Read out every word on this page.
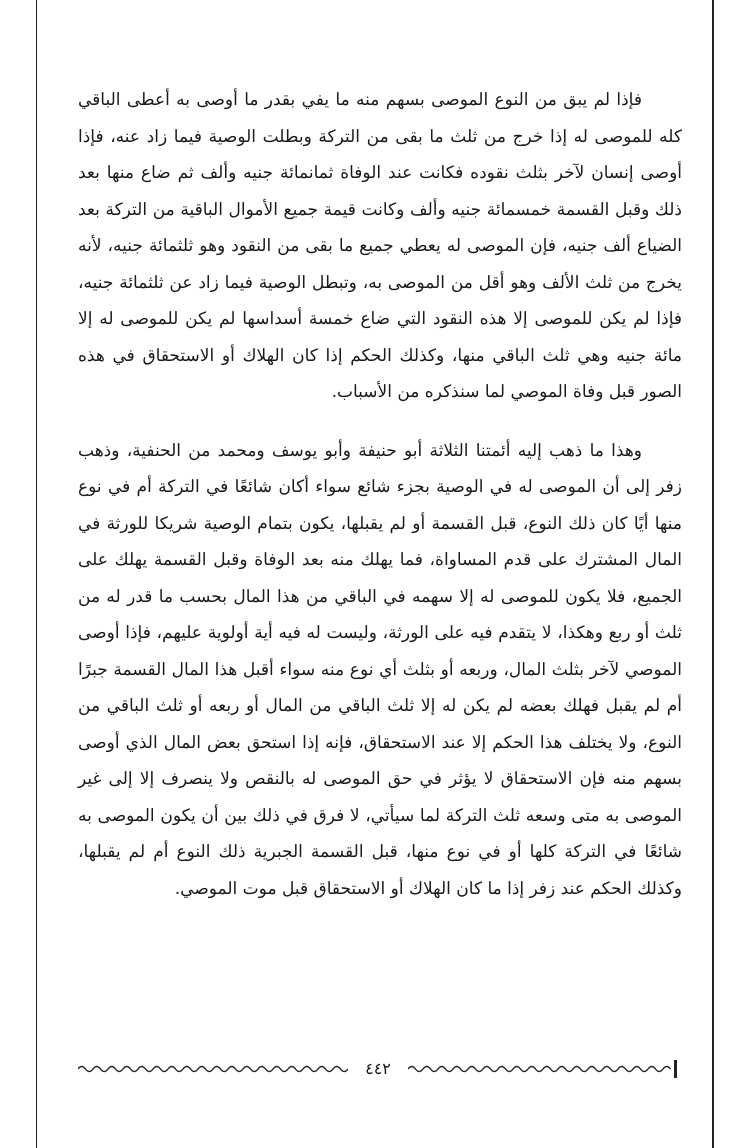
فإذا لم يبق من النوع الموصى بسهم منه ما يفي بقدر ما أوصى به أعطى الباقي كله للموصى له إذا خرج من ثلث ما بقى من التركة وبطلت الوصية فيما زاد عنه، فإذا أوصى إنسان لآخر بثلث نقوده فكانت عند الوفاة ثمانمائة جنيه وألف ثم ضاع منها بعد ذلك وقبل القسمة خمسمائة جنيه وألف وكانت قيمة جميع الأموال الباقية من التركة بعد الضياع ألف جنيه، فإن الموصى له يعطي جميع ما بقى من النقود وهو ثلثمائة جنيه، لأنه يخرج من ثلث الألف وهو أقل من الموصى به، وتبطل الوصية فيما زاد عن ثلثمائة جنيه، فإذا لم يكن للموصى إلا هذه النقود التي ضاع خمسة أسداسها لم يكن للموصى له إلا مائة جنيه وهي ثلث الباقي منها، وكذلك الحكم إذا كان الهلاك أو الاستحقاق في هذه الصور قبل وفاة الموصي لما سنذكره من الأسباب.

وهذا ما ذهب إليه أئمتنا الثلاثة أبو حنيفة وأبو يوسف ومحمد من الحنفية، وذهب زفر إلى أن الموصى له في الوصية بجزء شائع سواء أكان شائعًا في التركة أم في نوع منها أيًا كان ذلك النوع، قبل القسمة أو لم يقبلها، يكون بتمام الوصية شريكا للورثة في المال المشترك على قدم المساواة، فما يهلك منه بعد الوفاة وقبل القسمة يهلك على الجميع، فلا يكون للموصى له إلا سهمه في الباقي من هذا المال بحسب ما قدر له من ثلث أو ربع وهكذا، لا يتقدم فيه على الورثة، وليست له فيه أية أولوية عليهم، فإذا أوصى الموصي لآخر بثلث المال، وربعه أو بثلث أي نوع منه سواء أقبل هذا المال القسمة جبرًا أم لم يقبل فهلك بعضه لم يكن له إلا ثلث الباقي من المال أو ربعه أو ثلث الباقي من النوع، ولا يختلف هذا الحكم إلا عند الاستحقاق، فإنه إذا استحق بعض المال الذي أوصى بسهم منه فإن الاستحقاق لا يؤثر في حق الموصى له بالنقص ولا ينصرف إلا إلى غير الموصى به متى وسعه ثلث التركة لما سيأتي، لا فرق في ذلك بين أن يكون الموصى به شائعًا في التركة كلها أو في نوع منها، قبل القسمة الجبرية ذلك النوع أم لم يقبلها، وكذلك الحكم عند زفر إذا ما كان الهلاك أو الاستحقاق قبل موت الموصي.

٤٤٢
